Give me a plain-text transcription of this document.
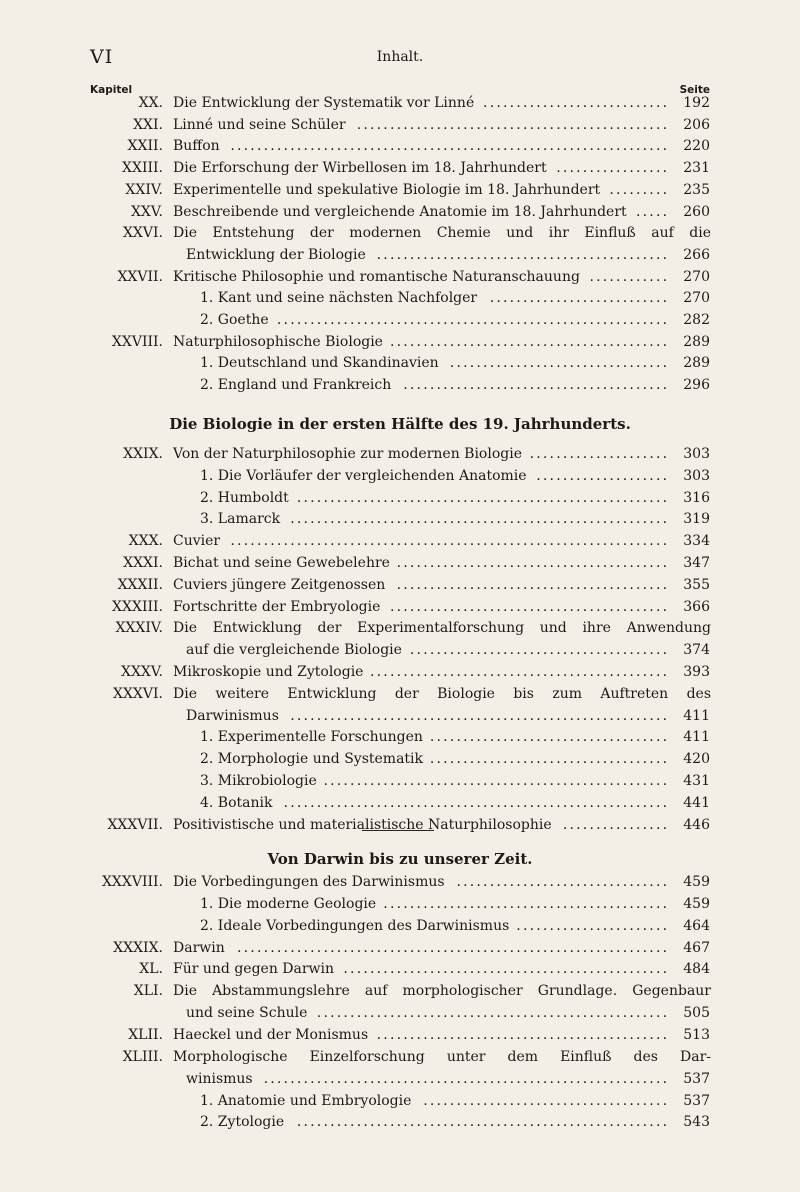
VI	Inhalt.
Kapitel	Seite
XX. Die Entwicklung der Systematik vor Linné ............................ 192
XXI. Linné und seine Schüler ............................................... 206
XXII. Buffon .................................................................. 220
XXIII. Die Erforschung der Wirbellosen im 18. Jahrhundert ................. 231
XXIV. Experimentelle und spekulative Biologie im 18. Jahrhundert ......... 235
XXV. Beschreibende und vergleichende Anatomie im 18. Jahrhundert ..... 260
XXVI. Die Entstehung der modernen Chemie und ihr Einfluß auf die
Entwicklung der Biologie ............................................ 266
XXVII. Kritische Philosophie und romantische Naturanschauung ............ 270
1. Kant und seine nächsten Nachfolger ........................... 270
2. Goethe ........................................................... 282
XXVIII. Naturphilosophische Biologie .......................................... 289
1. Deutschland und Skandinavien ................................. 289
2. England und Frankreich ........................................ 296
Die Biologie in der ersten Hälfte des 19. Jahrhunderts.
XXIX. Von der Naturphilosophie zur modernen Biologie ..................... 303
1. Die Vorläufer der vergleichenden Anatomie .................... 303
2. Humboldt ........................................................ 316
3. Lamarck ......................................................... 319
XXX. Cuvier .................................................................. 334
XXXI. Bichat und seine Gewebelehre ......................................... 347
XXXII. Cuviers jüngere Zeitgenossen ......................................... 355
XXXIII. Fortschritte der Embryologie .......................................... 366
XXXIV. Die Entwicklung der Experimentalforschung und ihre Anwendung
auf die vergleichende Biologie ....................................... 374
XXXV. Mikroskopie und Zytologie ............................................. 393
XXXVI. Die weitere Entwicklung der Biologie bis zum Auftreten des
Darwinismus ......................................................... 411
1. Experimentelle Forschungen .................................... 411
2. Morphologie und Systematik .................................... 420
3. Mikrobiologie .................................................... 431
4. Botanik .......................................................... 441
XXXVII. Positivistische und materialistische Naturphilosophie ................ 446
Von Darwin bis zu unserer Zeit.
XXXVIII. Die Vorbedingungen des Darwinismus ................................ 459
1. Die moderne Geologie ........................................... 459
2. Ideale Vorbedingungen des Darwinismus ....................... 464
XXXIX. Darwin ................................................................. 467
XL. Für und gegen Darwin ................................................. 484
XLI. Die Abstammungslehre auf morphologischer Grundlage. Gegenbaur
und seine Schule ..................................................... 505
XLII. Haeckel und der Monismus ............................................ 513
XLIII. Morphologische Einzelforschung unter dem Einfluß des Dar-
winismus ............................................................. 537
1. Anatomie und Embryologie ..................................... 537
2. Zytologie ........................................................ 543
